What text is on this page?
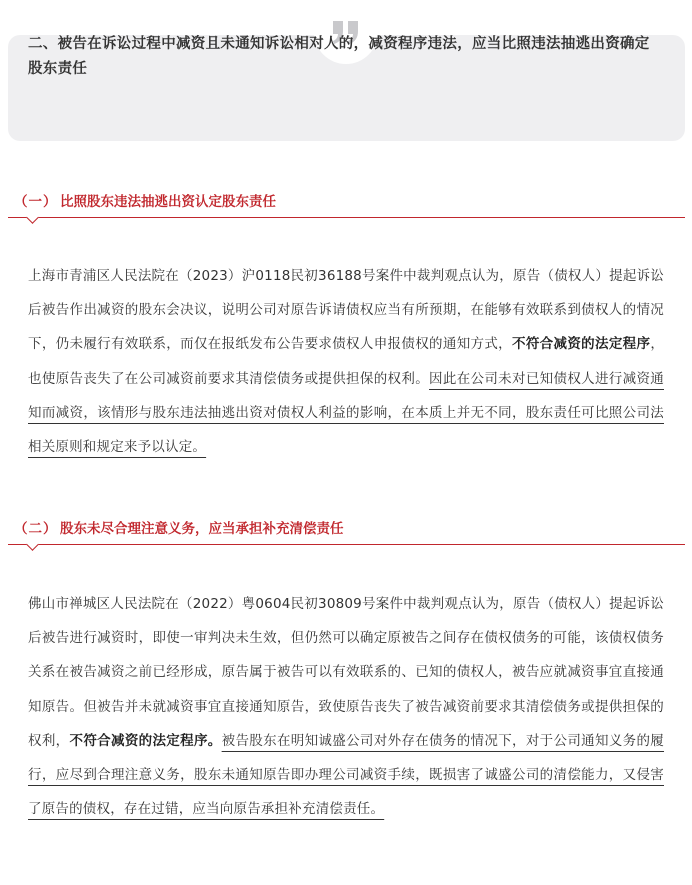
二、被告在诉讼过程中减资且未通知诉讼相对人的，减资程序违法，应当比照违法抽逃出资确定股东责任

（一） 比照股东违法抽逃出资认定股东责任

上海市青浦区人民法院在（2023）沪0118民初36188号案件中裁判观点认为，原告（债权人）提起诉讼后被告作出减资的股东会决议，说明公司对原告诉请债权应当有所预期，在能够有效联系到债权人的情况下，仍未履行有效联系，而仅在报纸发布公告要求债权人申报债权的通知方式，不符合减资的法定程序，也使原告丧失了在公司减资前要求其清偿债务或提供担保的权利。因此在公司未对已知债权人进行减资通知而减资，该情形与股东违法抽逃出资对债权人利益的影响，在本质上并无不同，股东责任可比照公司法相关原则和规定来予以认定。

（二） 股东未尽合理注意义务，应当承担补充清偿责任

佛山市禅城区人民法院在（2022）粤0604民初30809号案件中裁判观点认为，原告（债权人）提起诉讼后被告进行减资时，即使一审判决未生效，但仍然可以确定原被告之间存在债权债务的可能，该债权债务关系在被告减资之前已经形成，原告属于被告可以有效联系的、已知的债权人，被告应就减资事宜直接通知原告。但被告并未就减资事宜直接通知原告，致使原告丧失了被告减资前要求其清偿债务或提供担保的权利，不符合减资的法定程序。被告股东在明知诚盛公司对外存在债务的情况下，对于公司通知义务的履行，应尽到合理注意义务，股东未通知原告即办理公司减资手续，既损害了诚盛公司的清偿能力，又侵害了原告的债权，存在过错，应当向原告承担补充清偿责任。
